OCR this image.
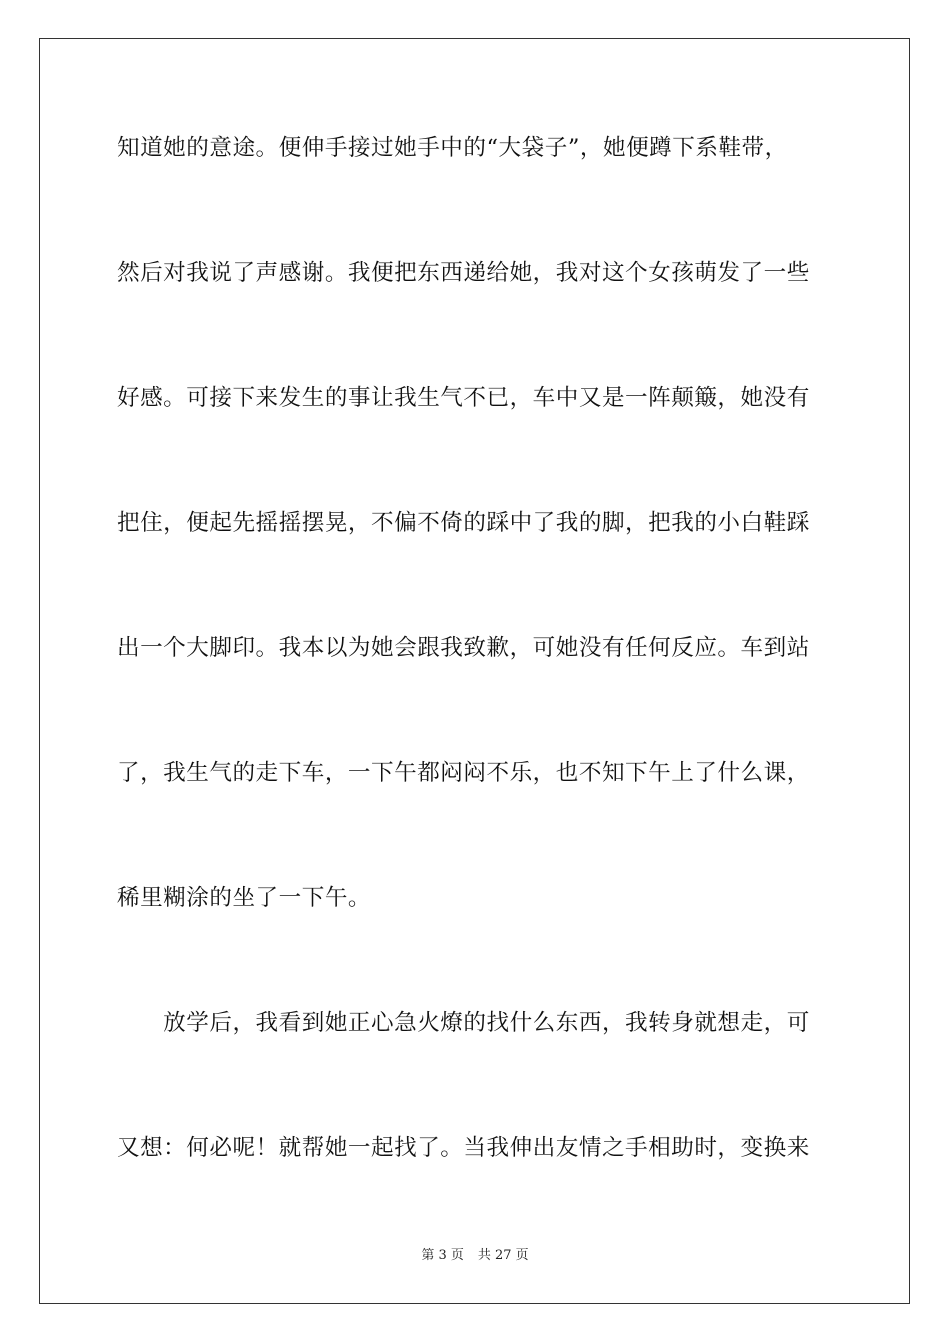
知道她的意途。便伸手接过她手中的“大袋子”，她便蹲下系鞋带，
然后对我说了声感谢。我便把东西递给她，我对这个女孩萌发了一些
好感。可接下来发生的事让我生气不已，车中又是一阵颠簸，她没有
把住，便起先摇摇摆晃，不偏不倚的踩中了我的脚，把我的小白鞋踩
出一个大脚印。我本以为她会跟我致歉，可她没有任何反应。车到站
了，我生气的走下车，一下午都闷闷不乐，也不知下午上了什么课，
稀里糊涂的坐了一下午。
　　放学后，我看到她正心急火燎的找什么东西，我转身就想走，可
又想：何必呢！就帮她一起找了。当我伸出友情之手相助时，变换来
第 3 页 共 27 页
